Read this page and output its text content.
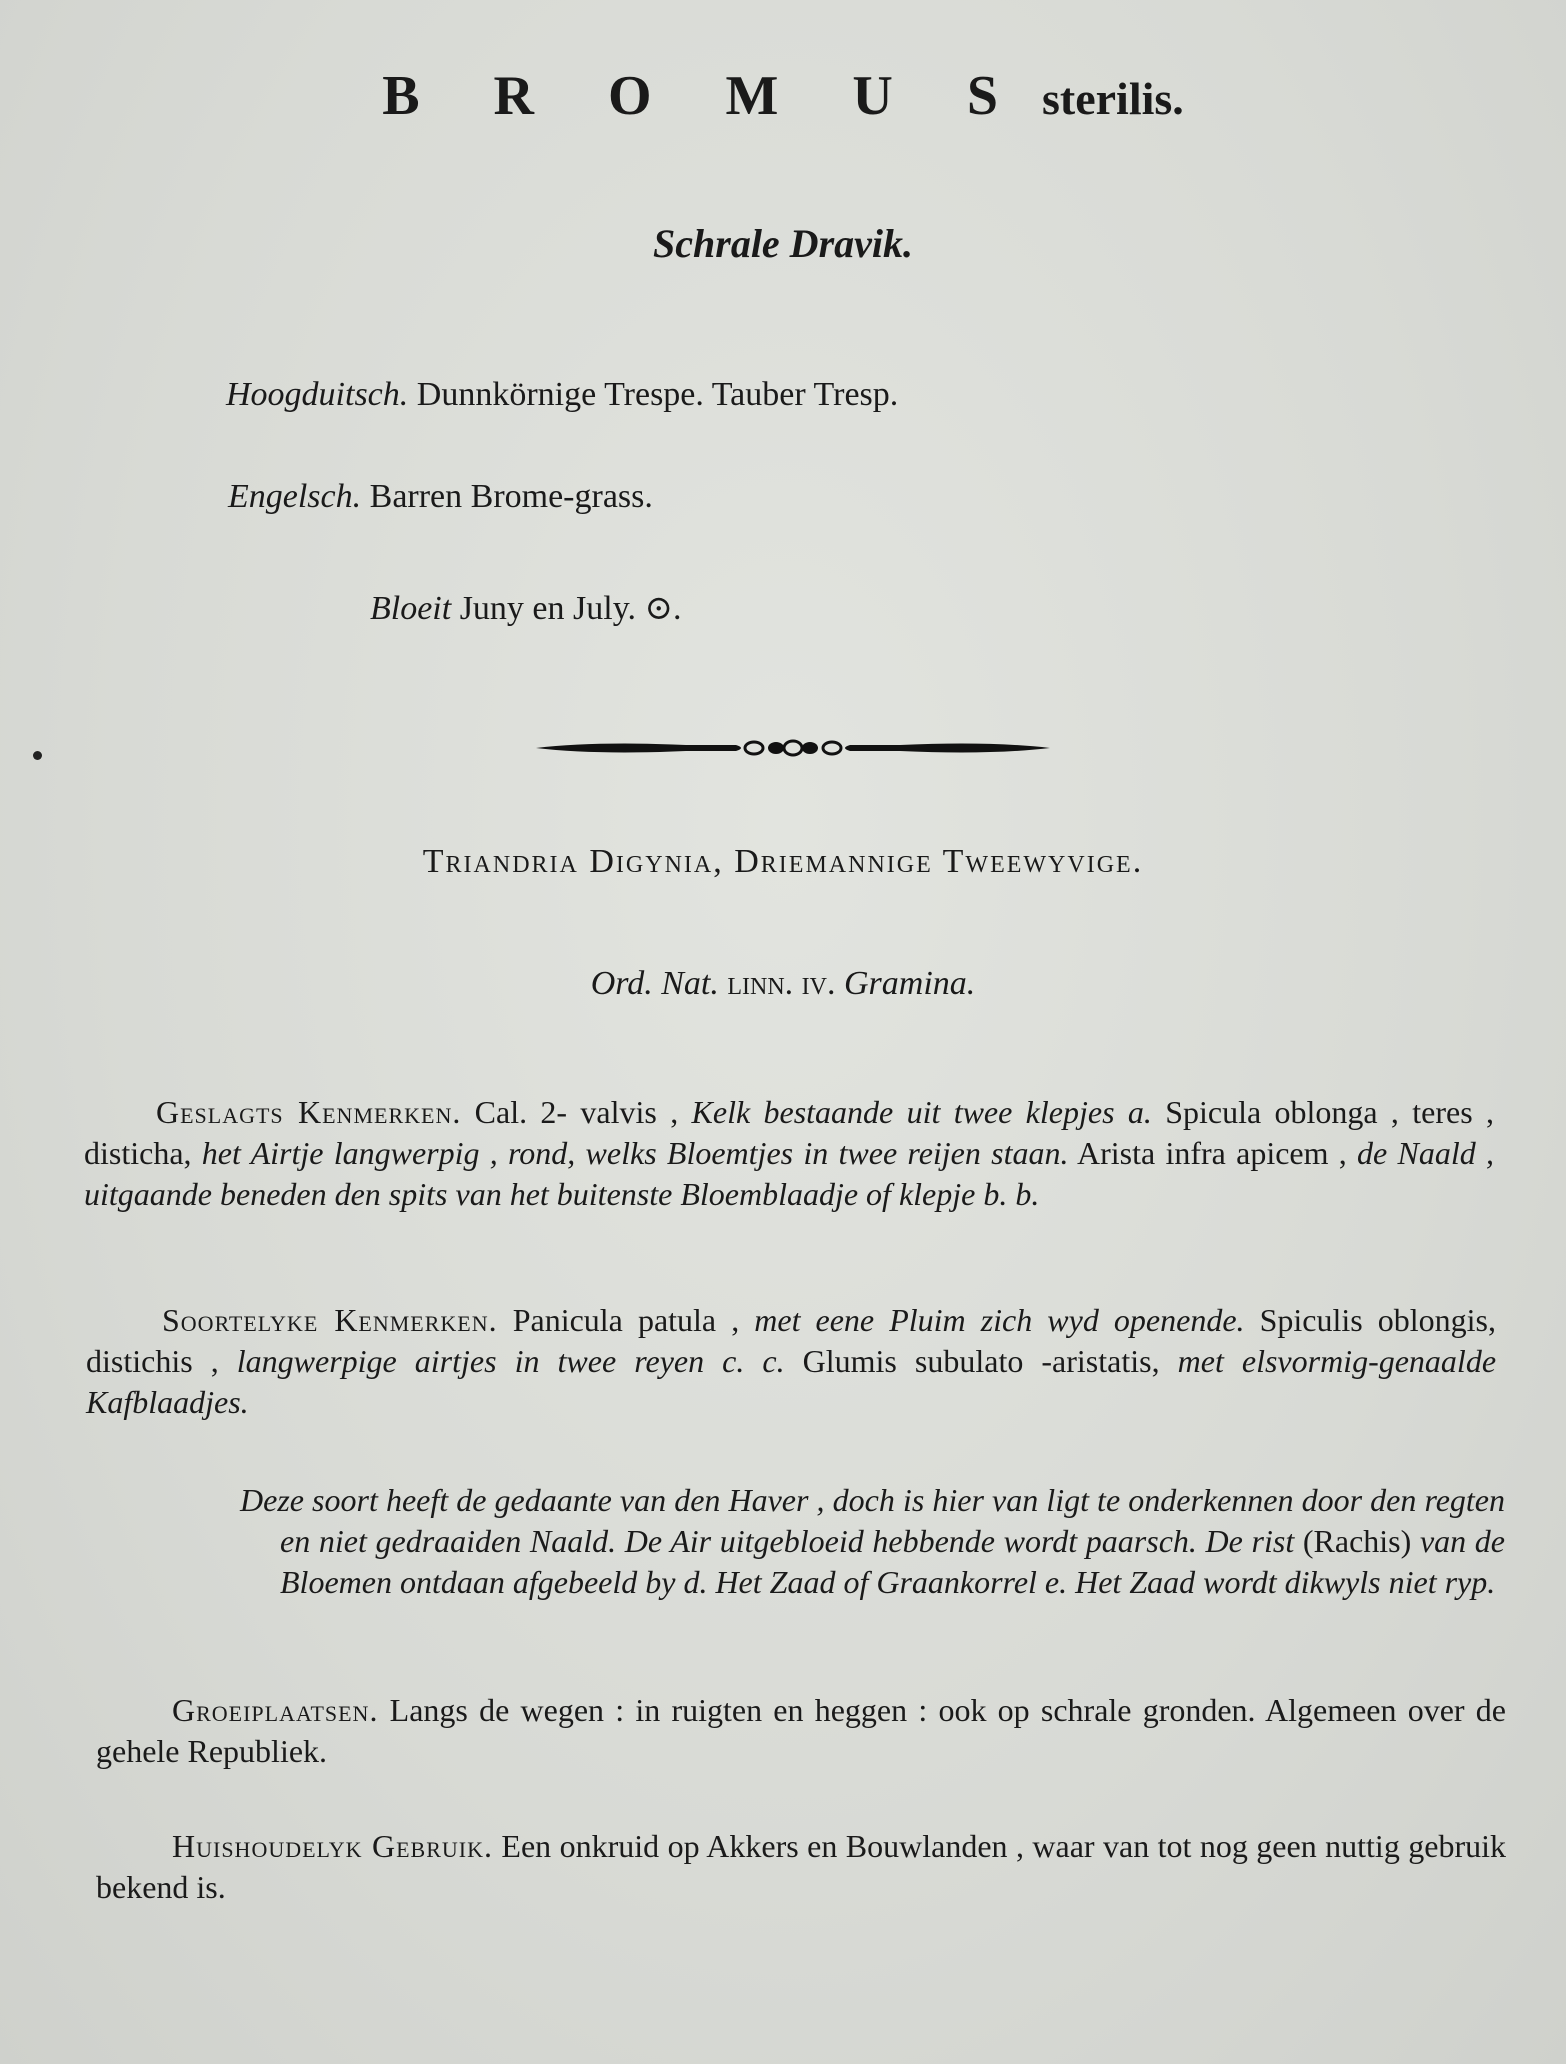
B R O M U S sterilis.
Schrale Dravik.
Hoogduitsch. Dunnkörnige Trespe. Tauber Tresp.
Engelsch. Barren Brome-grass.
Bloeit Juny en July. ⊙.
Triandria Digynia, Driemannige Tweewyvige.
Ord. Nat. linn. iv. Gramina.
Geslagts Kenmerken. Cal. 2- valvis , Kelk bestaande uit twee klepjes a. Spicula oblonga , teres , disticha, het Airtje langwerpig , rond, welks Bloemtjes in twee reijen staan. Arista infra apicem , de Naald , uitgaande beneden den spits van het buitenste Bloemblaadje of klepje b. b.
Soortelyke Kenmerken. Panicula patula , met eene Pluim zich wyd openende. Spiculis oblongis, distichis , langwerpige airtjes in twee reyen c. c. Glumis subulato -aristatis, met elsvormig-genaalde Kafblaadjes.
Deze soort heeft de gedaante van den Haver , doch is hier van ligt te onderkennen door den regten en niet gedraaiden Naald. De Air uitgebloeid hebbende wordt paarsch. De rist (Rachis) van de Bloemen ontdaan afgebeeld by d. Het Zaad of Graankorrel e. Het Zaad wordt dikwyls niet ryp.
Groeiplaatsen. Langs de wegen : in ruigten en heggen : ook op schrale gronden. Algemeen over de gehele Republiek.
Huishoudelyk Gebruik. Een onkruid op Akkers en Bouwlanden , waar van tot nog geen nuttig gebruik bekend is.
